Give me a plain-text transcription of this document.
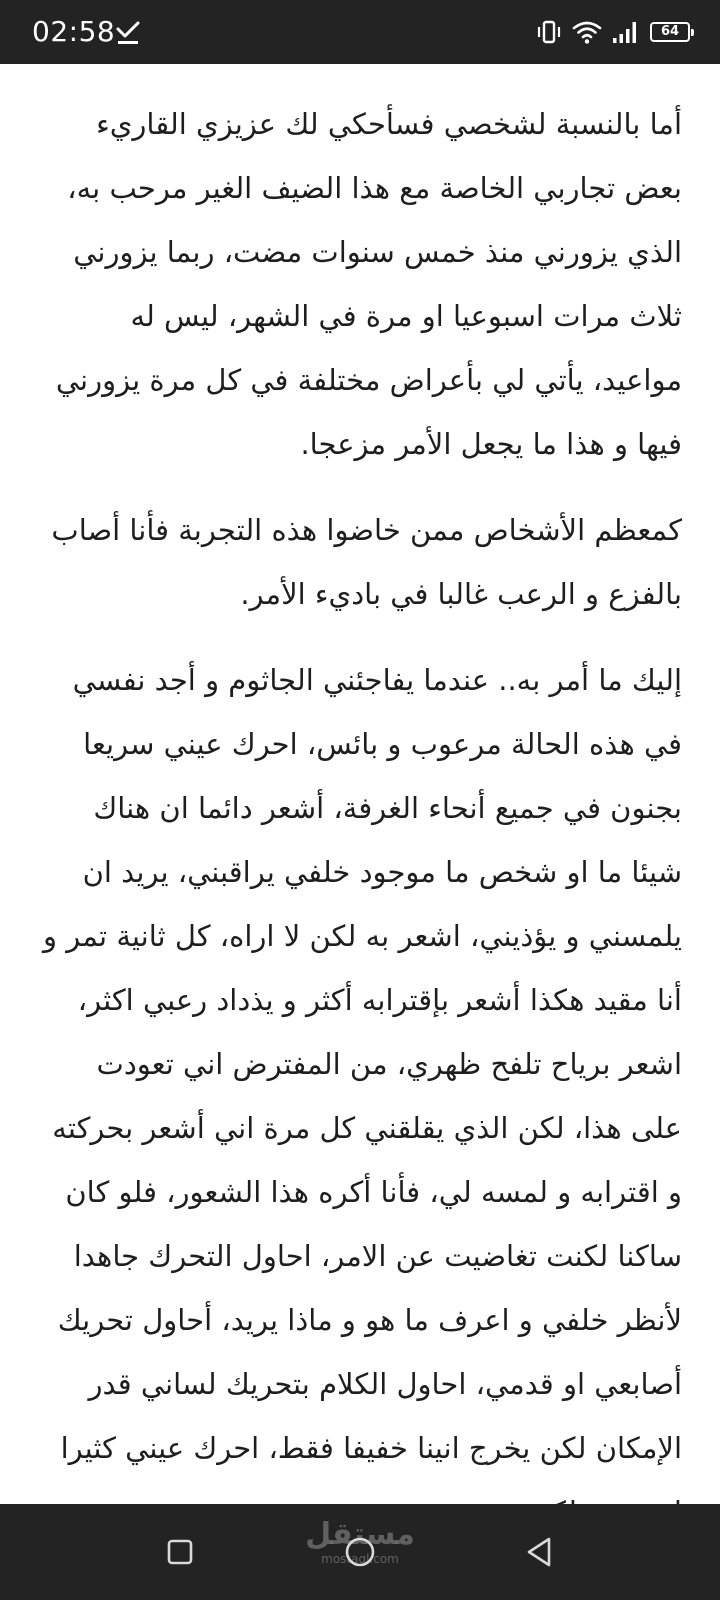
02:58	64

أما بالنسبة لشخصي فسأحكي لك عزيزي القاريء بعض تجاربي الخاصة مع هذا الضيف الغير مرحب به، الذي يزورني منذ خمس سنوات مضت، ربما يزورني ثلاث مرات اسبوعيا او مرة في الشهر، ليس له مواعيد، يأتي لي بأعراض مختلفة في كل مرة يزورني فيها و هذا ما يجعل الأمر مزعجا.

كمعظم الأشخاص ممن خاضوا هذه التجربة فأنا أصاب بالفزع و الرعب غالبا في باديء الأمر.

إليك ما أمر به.. عندما يفاجئني الجاثوم و أجد نفسي في هذه الحالة مرعوب و بائس، احرك عيني سريعا بجنون في جميع أنحاء الغرفة، أشعر دائما ان هناك شيئا ما او شخص ما موجود خلفي يراقبني، يريد ان يلمسني و يؤذيني، اشعر به لكن لا اراه، كل ثانية تمر و أنا مقيد هكذا أشعر بإقترابه أكثر و يذداد رعبي اكثر، اشعر برياح تلفح ظهري، من المفترض اني تعودت على هذا، لكن الذي يقلقني كل مرة اني أشعر بحركته و اقترابه و لمسه لي، فأنا أكره هذا الشعور، فلو كان ساكنا لكنت تغاضيت عن الامر، احاول التحرك جاهدا لأنظر خلفي و اعرف ما هو و ماذا يريد، أحاول تحريك أصابعي او قدمي، احاول الكلام بتحريك لساني قدر الإمكان لكن يخرج انينا خفيفا فقط، احرك عيني كثيرا

مستقل
mostaql.com
